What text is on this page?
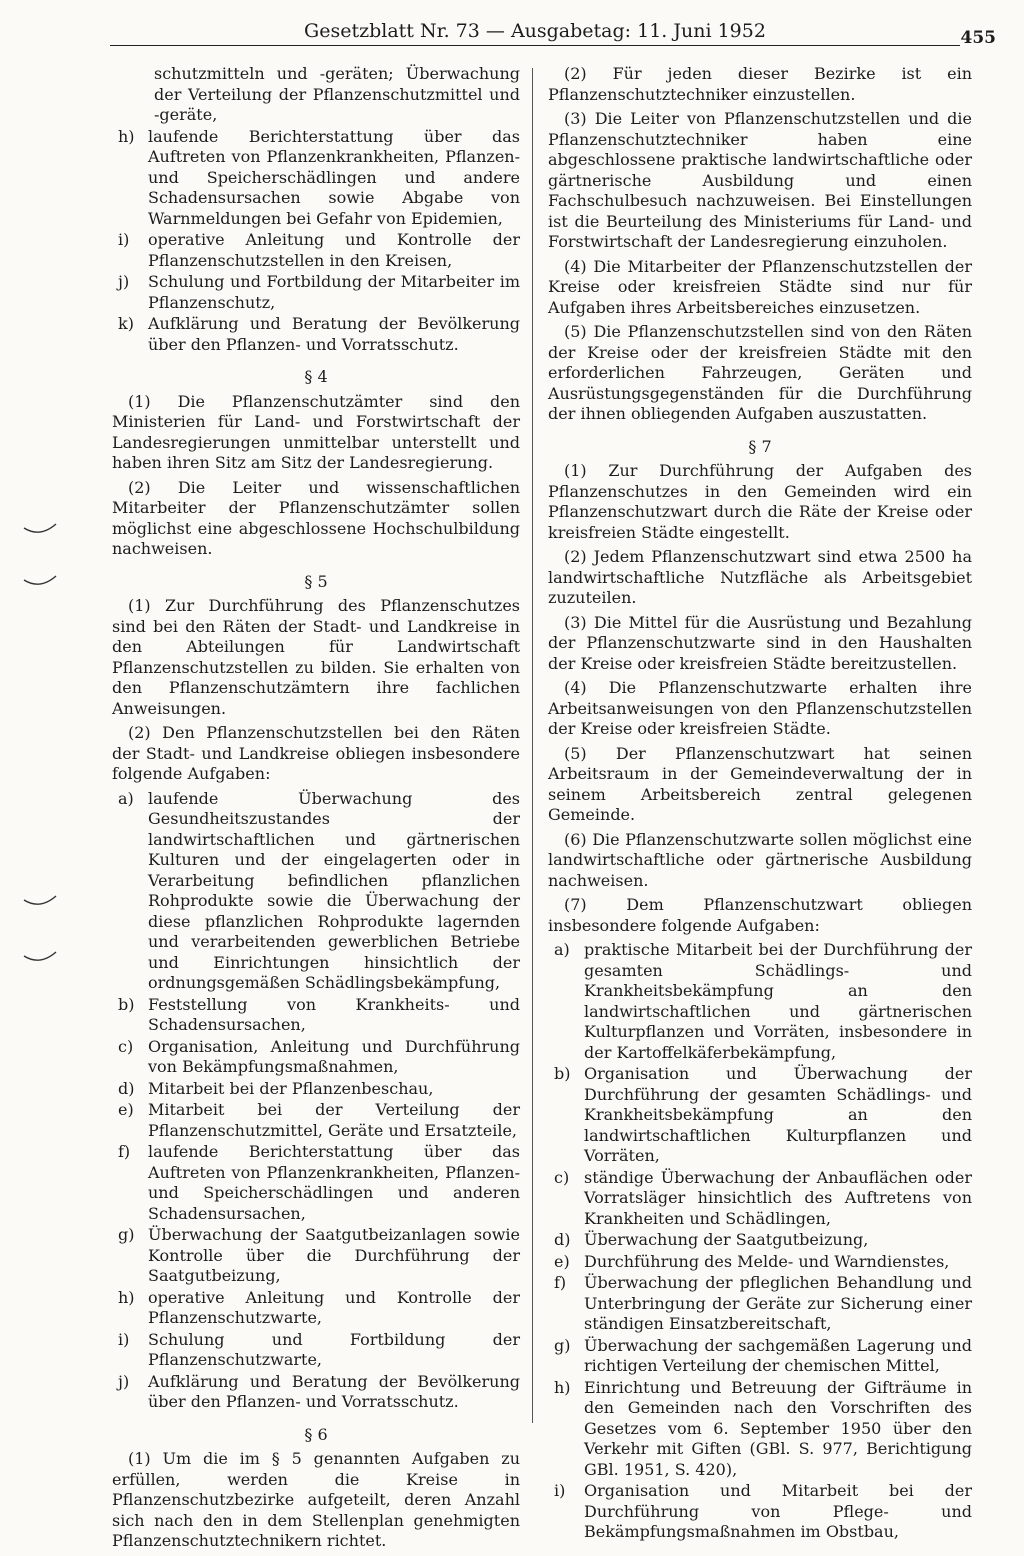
Gesetzblatt Nr. 73 — Ausgabetag: 11. Juni 1952	455
schutzmitteln und -geräten; Überwachung der Verteilung der Pflanzenschutzmittel und -geräte,
h) laufende Berichterstattung über das Auftreten von Pflanzenkrankheiten, Pflanzen- und Speicherschädlingen und andere Schadensursachen sowie Abgabe von Warnmeldungen bei Gefahr von Epidemien,
i)	operative Anleitung und Kontrolle der Pflanzenschutzstellen in den Kreisen,
j)	Schulung und Fortbildung der Mitarbeiter im Pflanzenschutz,
k) Aufklärung und Beratung der Bevölkerung über den Pflanzen- und Vorratsschutz.
§ 4

(1) Die Pflanzenschutzämter sind den Ministerien für Land- und Forstwirtschaft der Landesregierungen unmittelbar unterstellt und haben ihren Sitz am Sitz der Landesregierung.

(2) Die Leiter und wissenschaftlichen Mitarbeiter der Pflanzenschutzämter sollen möglichst eine abgeschlossene Hochschulbildung nachweisen.

§ 5

(1) Zur Durchführung des Pflanzenschutzes sind bei den Räten der Stadt- und Landkreise in den Abteilungen für Landwirtschaft Pflanzenschutzstellen zu bilden. Sie erhalten von den Pflanzenschutzämtern ihre fachlichen Anweisungen.

(2) Den Pflanzenschutzstellen bei den Räten der Stadt- und Landkreise obliegen insbesondere folgende Aufgaben:

a) laufende Überwachung des Gesundheitszustandes der landwirtschaftlichen und gärtnerischen Kulturen und der eingelagerten oder in Verarbeitung befindlichen pflanzlichen Rohprodukte sowie die Überwachung der diese pflanzlichen Rohprodukte lagernden und verarbeitenden gewerblichen Betriebe und Einrichtungen hinsichtlich der ordnungsgemäßen Schädlingsbekämpfung,
b) Feststellung von Krankheits- und Schadensursachen,
c) Organisation, Anleitung und Durchführung von Bekämpfungsmaßnahmen,
d) Mitarbeit bei der Pflanzenbeschau,
e) Mitarbeit bei der Verteilung der Pflanzenschutzmittel, Geräte und Ersatzteile,
f)	laufende Berichterstattung über das Auftreten von Pflanzenkrankheiten, Pflanzen- und Speicherschädlingen und anderen Schadensursachen,
g) Überwachung der Saatgutbeizanlagen sowie Kontrolle über die Durchführung der Saatgutbeizung,
h) operative Anleitung und Kontrolle der Pflanzenschutzwarte,
i)	Schulung und Fortbildung der Pflanzenschutzwarte,
j)	Aufklärung und Beratung der Bevölkerung über den Pflanzen- und Vorratsschutz.
§ 6

(1) Um die im § 5 genannten Aufgaben zu erfüllen, werden die Kreise in Pflanzenschutzbezirke aufgeteilt, deren Anzahl sich nach den in dem Stellenplan genehmigten Pflanzenschutztechnikern richtet.

(2) Für jeden dieser Bezirke ist ein Pflanzenschutztechniker einzustellen.

(3) Die Leiter von Pflanzenschutzstellen und die Pflanzenschutztechniker haben eine abgeschlossene praktische landwirtschaftliche oder gärtnerische Ausbildung und einen Fachschulbesuch nachzuweisen. Bei Einstellungen ist die Beurteilung des Ministeriums für Land- und Forstwirtschaft der Landesregierung einzuholen.

(4) Die Mitarbeiter der Pflanzenschutzstellen der Kreise oder kreisfreien Städte sind nur für Aufgaben ihres Arbeitsbereiches einzusetzen.

(5) Die Pflanzenschutzstellen sind von den Räten der Kreise oder der kreisfreien Städte mit den erforderlichen Fahrzeugen, Geräten und Ausrüstungsgegenständen für die Durchführung der ihnen obliegenden Aufgaben auszustatten.

§ 7

(1) Zur Durchführung der Aufgaben des Pflanzenschutzes in den Gemeinden wird ein Pflanzenschutzwart durch die Räte der Kreise oder kreisfreien Städte eingestellt.

(2) Jedem Pflanzenschutzwart sind etwa 2500 ha landwirtschaftliche Nutzfläche als Arbeitsgebiet zuzuteilen.

(3) Die Mittel für die Ausrüstung und Bezahlung der Pflanzenschutzwarte sind in den Haushalten der Kreise oder kreisfreien Städte bereitzustellen.

(4) Die Pflanzenschutzwarte erhalten ihre Arbeitsanweisungen von den Pflanzenschutzstellen der Kreise oder kreisfreien Städte.

(5) Der Pflanzenschutzwart hat seinen Arbeitsraum in der Gemeindeverwaltung der in seinem Arbeitsbereich zentral gelegenen Gemeinde.

(6) Die Pflanzenschutzwarte sollen möglichst eine landwirtschaftliche oder gärtnerische Ausbildung nachweisen.

(7) Dem Pflanzenschutzwart obliegen insbesondere folgende Aufgaben:

a) praktische Mitarbeit bei der Durchführung der gesamten Schädlings- und Krankheitsbekämpfung an den landwirtschaftlichen und gärtnerischen Kulturpflanzen und Vorräten, insbesondere in der Kartoffelkäferbekämpfung,
b) Organisation und Überwachung der Durchführung der gesamten Schädlings- und Krankheitsbekämpfung an den landwirtschaftlichen Kulturpflanzen und Vorräten,
c) ständige Überwachung der Anbauflächen oder Vorratsläger hinsichtlich des Auftretens von Krankheiten und Schädlingen,
d) Überwachung der Saatgutbeizung,
e) Durchführung des Melde- und Warndienstes,
f)	Überwachung der pfleglichen Behandlung und Unterbringung der Geräte zur Sicherung einer ständigen Einsatzbereitschaft,
g) Überwachung der sachgemäßen Lagerung und richtigen Verteilung der chemischen Mittel,
h) Einrichtung und Betreuung der Gifträume in den Gemeinden nach den Vorschriften des Gesetzes vom 6. September 1950 über den Verkehr mit Giften (GBl. S. 977, Berichtigung GBl. 1951, S. 420),
i)	Organisation und Mitarbeit bei der Durchführung von Pflege- und Bekämpfungsmaßnahmen im Obstbau,
